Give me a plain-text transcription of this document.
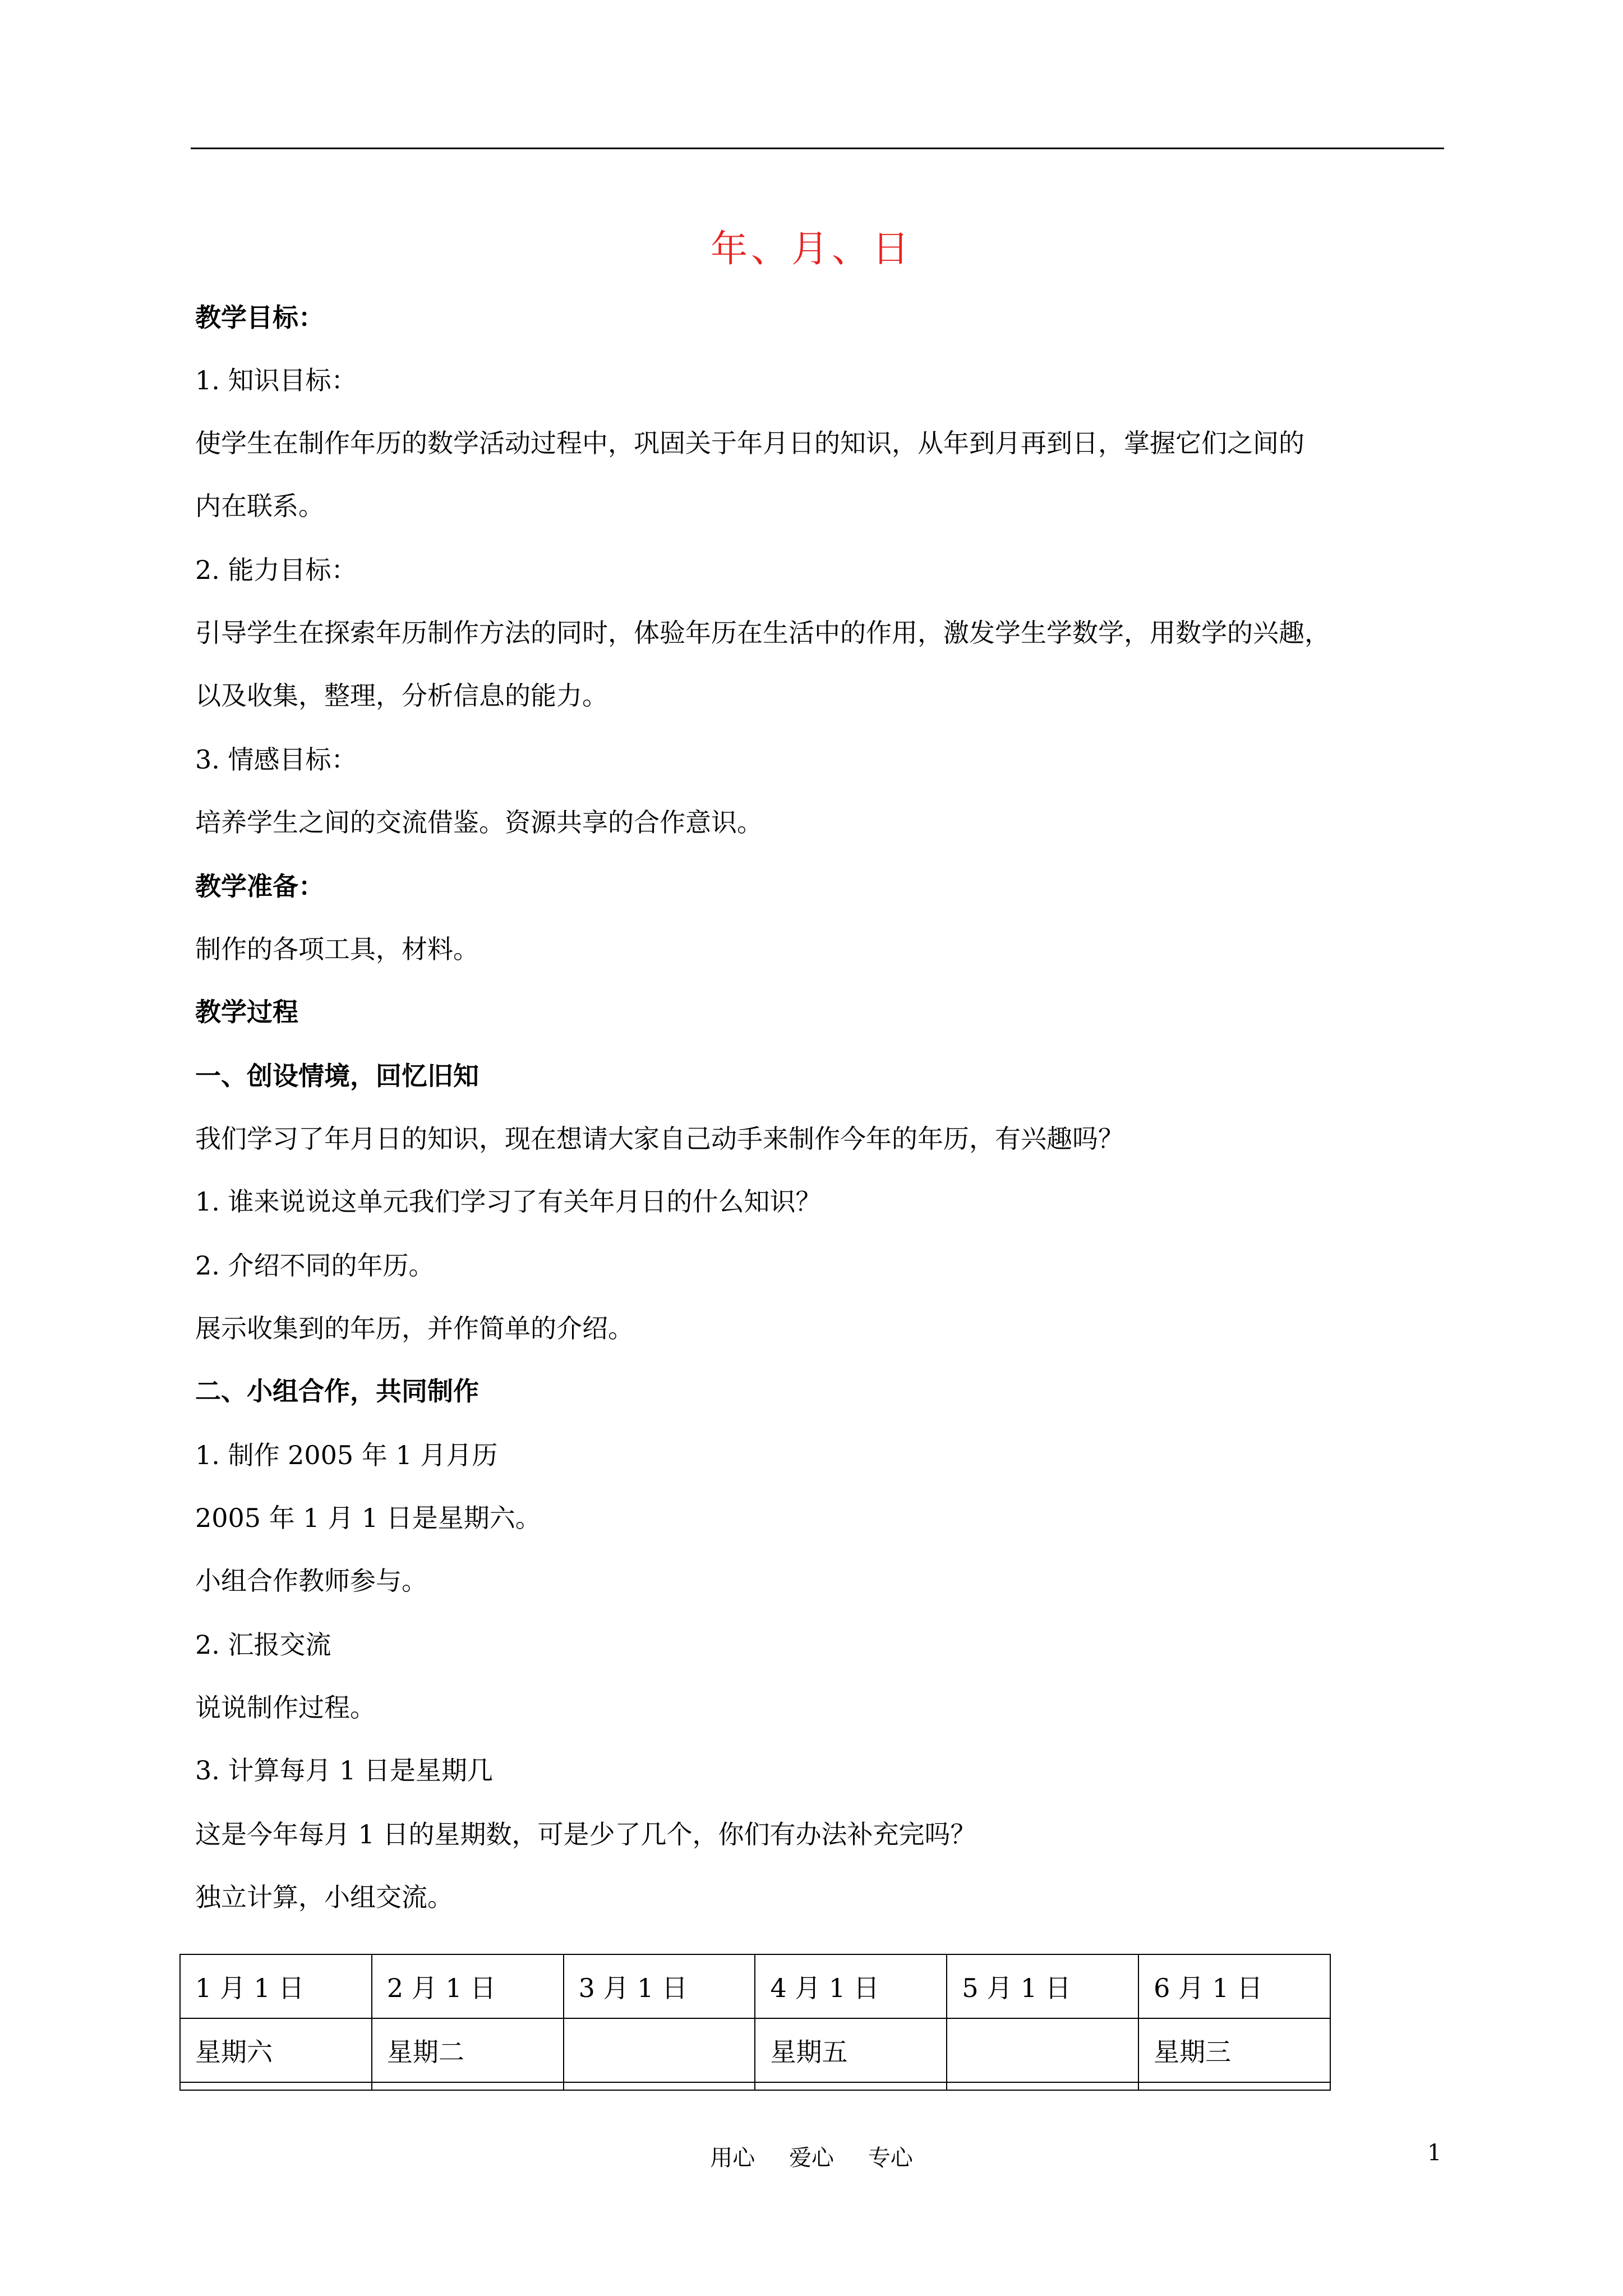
年、月、日
教学目标：
1. 知识目标：
使学生在制作年历的数学活动过程中，巩固关于年月日的知识，从年到月再到日，掌握它们之间的
内在联系。
2. 能力目标：
引导学生在探索年历制作方法的同时，体验年历在生活中的作用，激发学生学数学，用数学的兴趣，
以及收集，整理，分析信息的能力。
3. 情感目标：
培养学生之间的交流借鉴。资源共享的合作意识。
教学准备：
制作的各项工具，材料。
教学过程
一、创设情境，回忆旧知
我们学习了年月日的知识，现在想请大家自己动手来制作今年的年历，有兴趣吗？
1. 谁来说说这单元我们学习了有关年月日的什么知识？
2. 介绍不同的年历。
展示收集到的年历，并作简单的介绍。
二、小组合作，共同制作
1. 制作 2005 年 1 月月历
2005 年 1 月 1 日是星期六。
小组合作教师参与。
2. 汇报交流
说说制作过程。
3. 计算每月 1 日是星期几
这是今年每月 1 日的星期数，可是少了几个，你们有办法补充完吗？
独立计算，小组交流。
1 月 1 日	2 月 1 日	3 月 1 日	4 月 1 日	5 月 1 日	6 月 1 日
星期六	星期二		星期五		星期三

用心 爱心 专心	1
